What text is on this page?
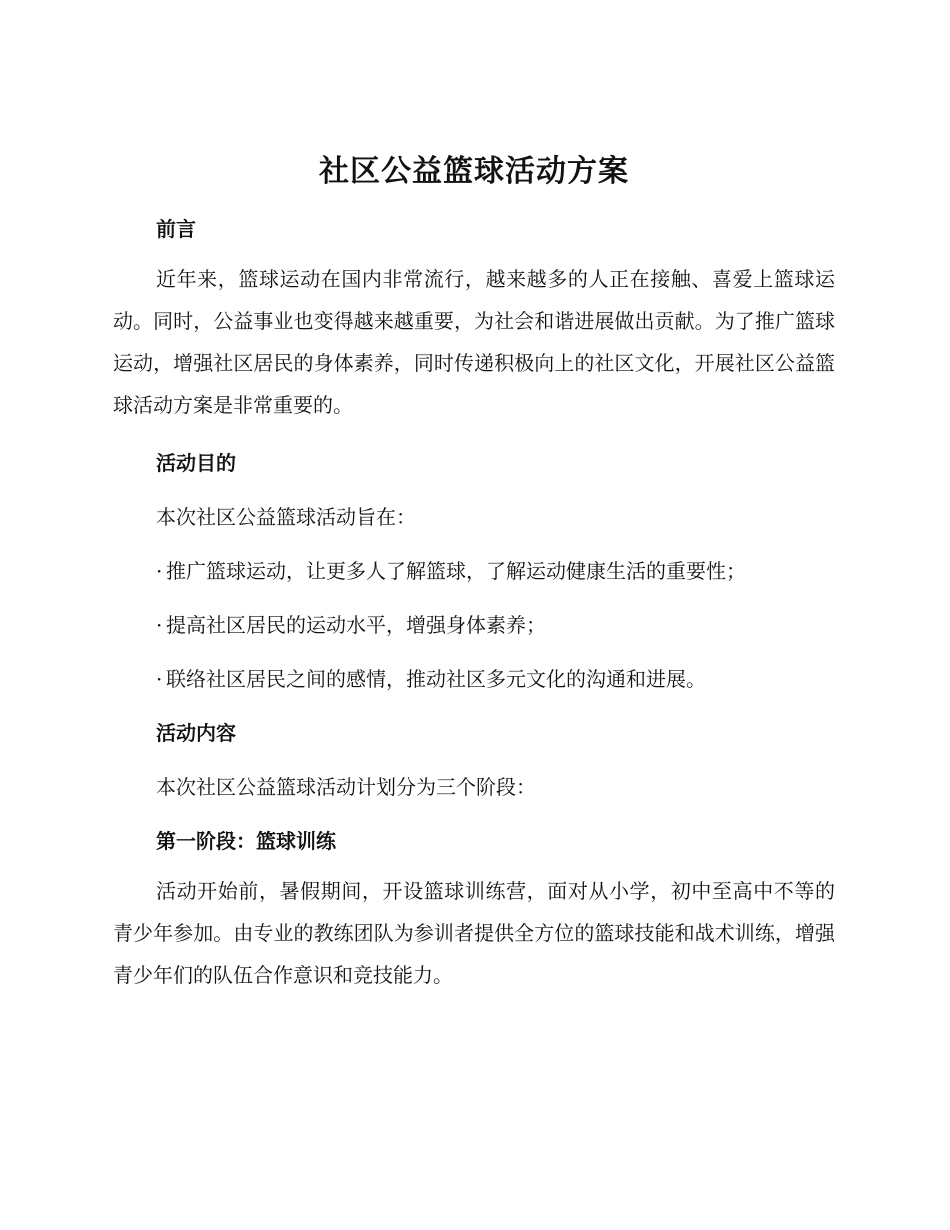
社区公益篮球活动方案
前言

近年来，篮球运动在国内非常流行，越来越多的人正在接触、喜爱上篮球运动。同时，公益事业也变得越来越重要，为社会和谐进展做出贡献。为了推广篮球运动，增强社区居民的身体素养，同时传递积极向上的社区文化，开展社区公益篮球活动方案是非常重要的。

活动目的

本次社区公益篮球活动旨在：

· 推广篮球运动，让更多人了解篮球，了解运动健康生活的重要性；

· 提高社区居民的运动水平，增强身体素养；

· 联络社区居民之间的感情，推动社区多元文化的沟通和进展。

活动内容

本次社区公益篮球活动计划分为三个阶段：

第一阶段：篮球训练

活动开始前，暑假期间，开设篮球训练营，面对从小学，初中至高中不等的青少年参加。由专业的教练团队为参训者提供全方位的篮球技能和战术训练，增强青少年们的队伍合作意识和竞技能力。
